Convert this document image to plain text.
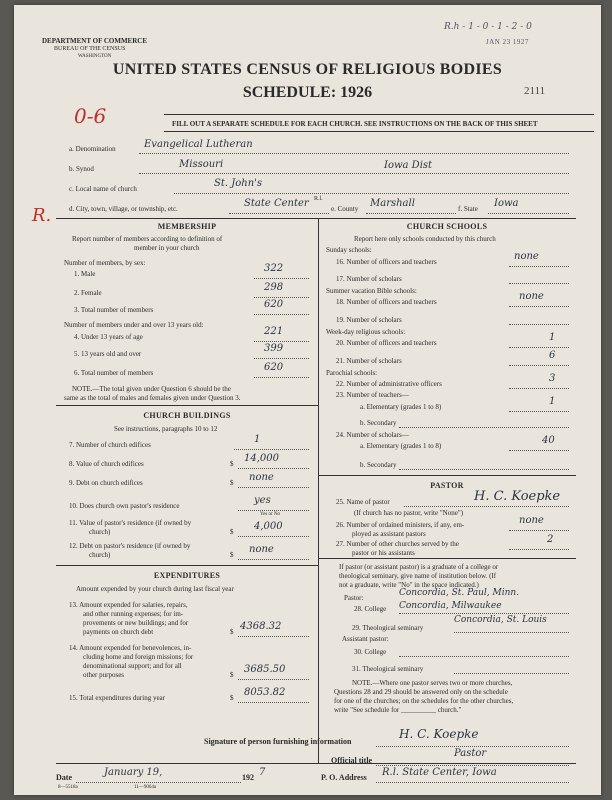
DEPARTMENT OF COMMERCE
BUREAU OF THE CENSUS
WASHINGTON
R.h - 1 - 0 - 1 - 2 - 0
JAN 23 1927
2111
UNITED STATES CENSUS OF RELIGIOUS BODIES
SCHEDULE: 1926
0-6	FILL OUT A SEPARATE SCHEDULE FOR EACH CHURCH. SEE INSTRUCTIONS ON THE BACK OF THIS SHEET
R.
a. Denomination	Evangelical Lutheran
b. Synod	Missouri	Iowa Dist
c. Local name of church	St. John's
d. City, town, village, or township, etc.	State Center R.l.
e. County Marshall	f. State Iowa
MEMBERSHIP
Report number of members according to definition of
member in your church
Number of members, by sex:
1. Male	322
2. Female	298
3. Total number of members	620
Number of members under and over 13 years old:
4. Under 13 years of age	221
5. 13 years old and over	399
6. Total number of members	620
NOTE.—The total given under Question 6 should be the
same as the total of males and females given under Question 3.
CHURCH BUILDINGS
See instructions, paragraphs 10 to 12
7. Number of church edifices	1
8. Value of church edifices	$ 14,000
9. Debt on church edifices	$ none
10. Does church own pastor's residence	yes
Yes or No
11. Value of pastor's residence (if owned by
church)	$ 4,000
12. Debt on pastor's residence (if owned by
church)	$ none
EXPENDITURES
Amount expended by your church during last fiscal year
13. Amount expended for salaries, repairs,
and other running expenses; for im-
provements or new buildings; and for
payments on church debt	$ 4368.32
14. Amount expended for benevolences, in-
cluding home and foreign missions; for
denominational support; and for all
other purposes	$ 3685.50
15. Total expenditures during year	$ 8053.82
CHURCH SCHOOLS
Report here only schools conducted by this church
Sunday schools:
16. Number of officers and teachers	none
17. Number of scholars
Summer vacation Bible schools:
18. Number of officers and teachers	none
19. Number of scholars
Week-day religious schools:
20. Number of officers and teachers	1
21. Number of scholars	6
Parochial schools:
22. Number of administrative officers	3
23. Number of teachers—
a. Elementary (grades 1 to 8)	1
b. Secondary
24. Number of scholars—
a. Elementary (grades 1 to 8)	40
b. Secondary
PASTOR
25. Name of pastor	H. C. Koepke
(If church has no pastor, write "None")
26. Number of ordained ministers, if any, em-
ployed as assistant pastors
none
27. Number of other churches served by the
pastor or his assistants
2
If pastor (or assistant pastor) is a graduate of a college or
theological seminary, give name of institution below. (If
not a graduate, write "No" in the space indicated.)
Pastor:
28. College
Concordia, St. Paul, Minn.
Concordia, Milwaukee
29. Theological seminary
Concordia, St. Louis
Assistant pastor:
30. College
31. Theological seminary
NOTE.—Where one pastor serves two or more churches,
Questions 28 and 29 should be answered only on the schedule
for one of the churches; on the schedules for the other churches,
write "See schedule for __________ church."
Signature of person furnishing information
H. C. Koepke
Official title
Pastor
Date	January 19,	192 7	P. O. Address R.l. State Center, Iowa
8—5518a	11—9064a
